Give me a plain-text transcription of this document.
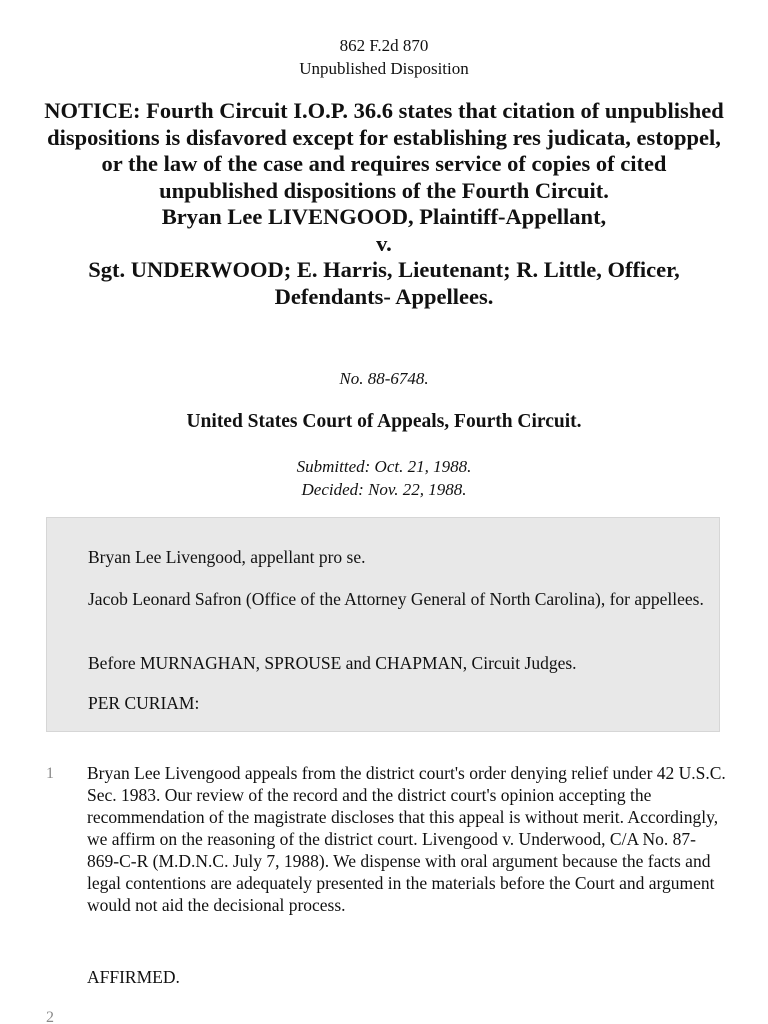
862 F.2d 870
Unpublished Disposition
NOTICE: Fourth Circuit I.O.P. 36.6 states that citation of unpublished dispositions is disfavored except for establishing res judicata, estoppel, or the law of the case and requires service of copies of cited unpublished dispositions of the Fourth Circuit.
Bryan Lee LIVENGOOD, Plaintiff-Appellant,
v.
Sgt. UNDERWOOD; E. Harris, Lieutenant; R. Little, Officer, Defendants- Appellees.
No. 88-6748.
United States Court of Appeals, Fourth Circuit.
Submitted: Oct. 21, 1988.
Decided: Nov. 22, 1988.

Bryan Lee Livengood, appellant pro se.

Jacob Leonard Safron (Office of the Attorney General of North Carolina), for appellees.

Before MURNAGHAN, SPROUSE and CHAPMAN, Circuit Judges.

PER CURIAM:

1 Bryan Lee Livengood appeals from the district court's order denying relief under 42 U.S.C. Sec. 1983. Our review of the record and the district court's opinion accepting the recommendation of the magistrate discloses that this appeal is without merit. Accordingly, we affirm on the reasoning of the district court. Livengood v. Underwood, C/A No. 87-869-C-R (M.D.N.C. July 7, 1988). We dispense with oral argument because the facts and legal contentions are adequately presented in the materials before the Court and argument would not aid the decisional process.

2

AFFIRMED.
